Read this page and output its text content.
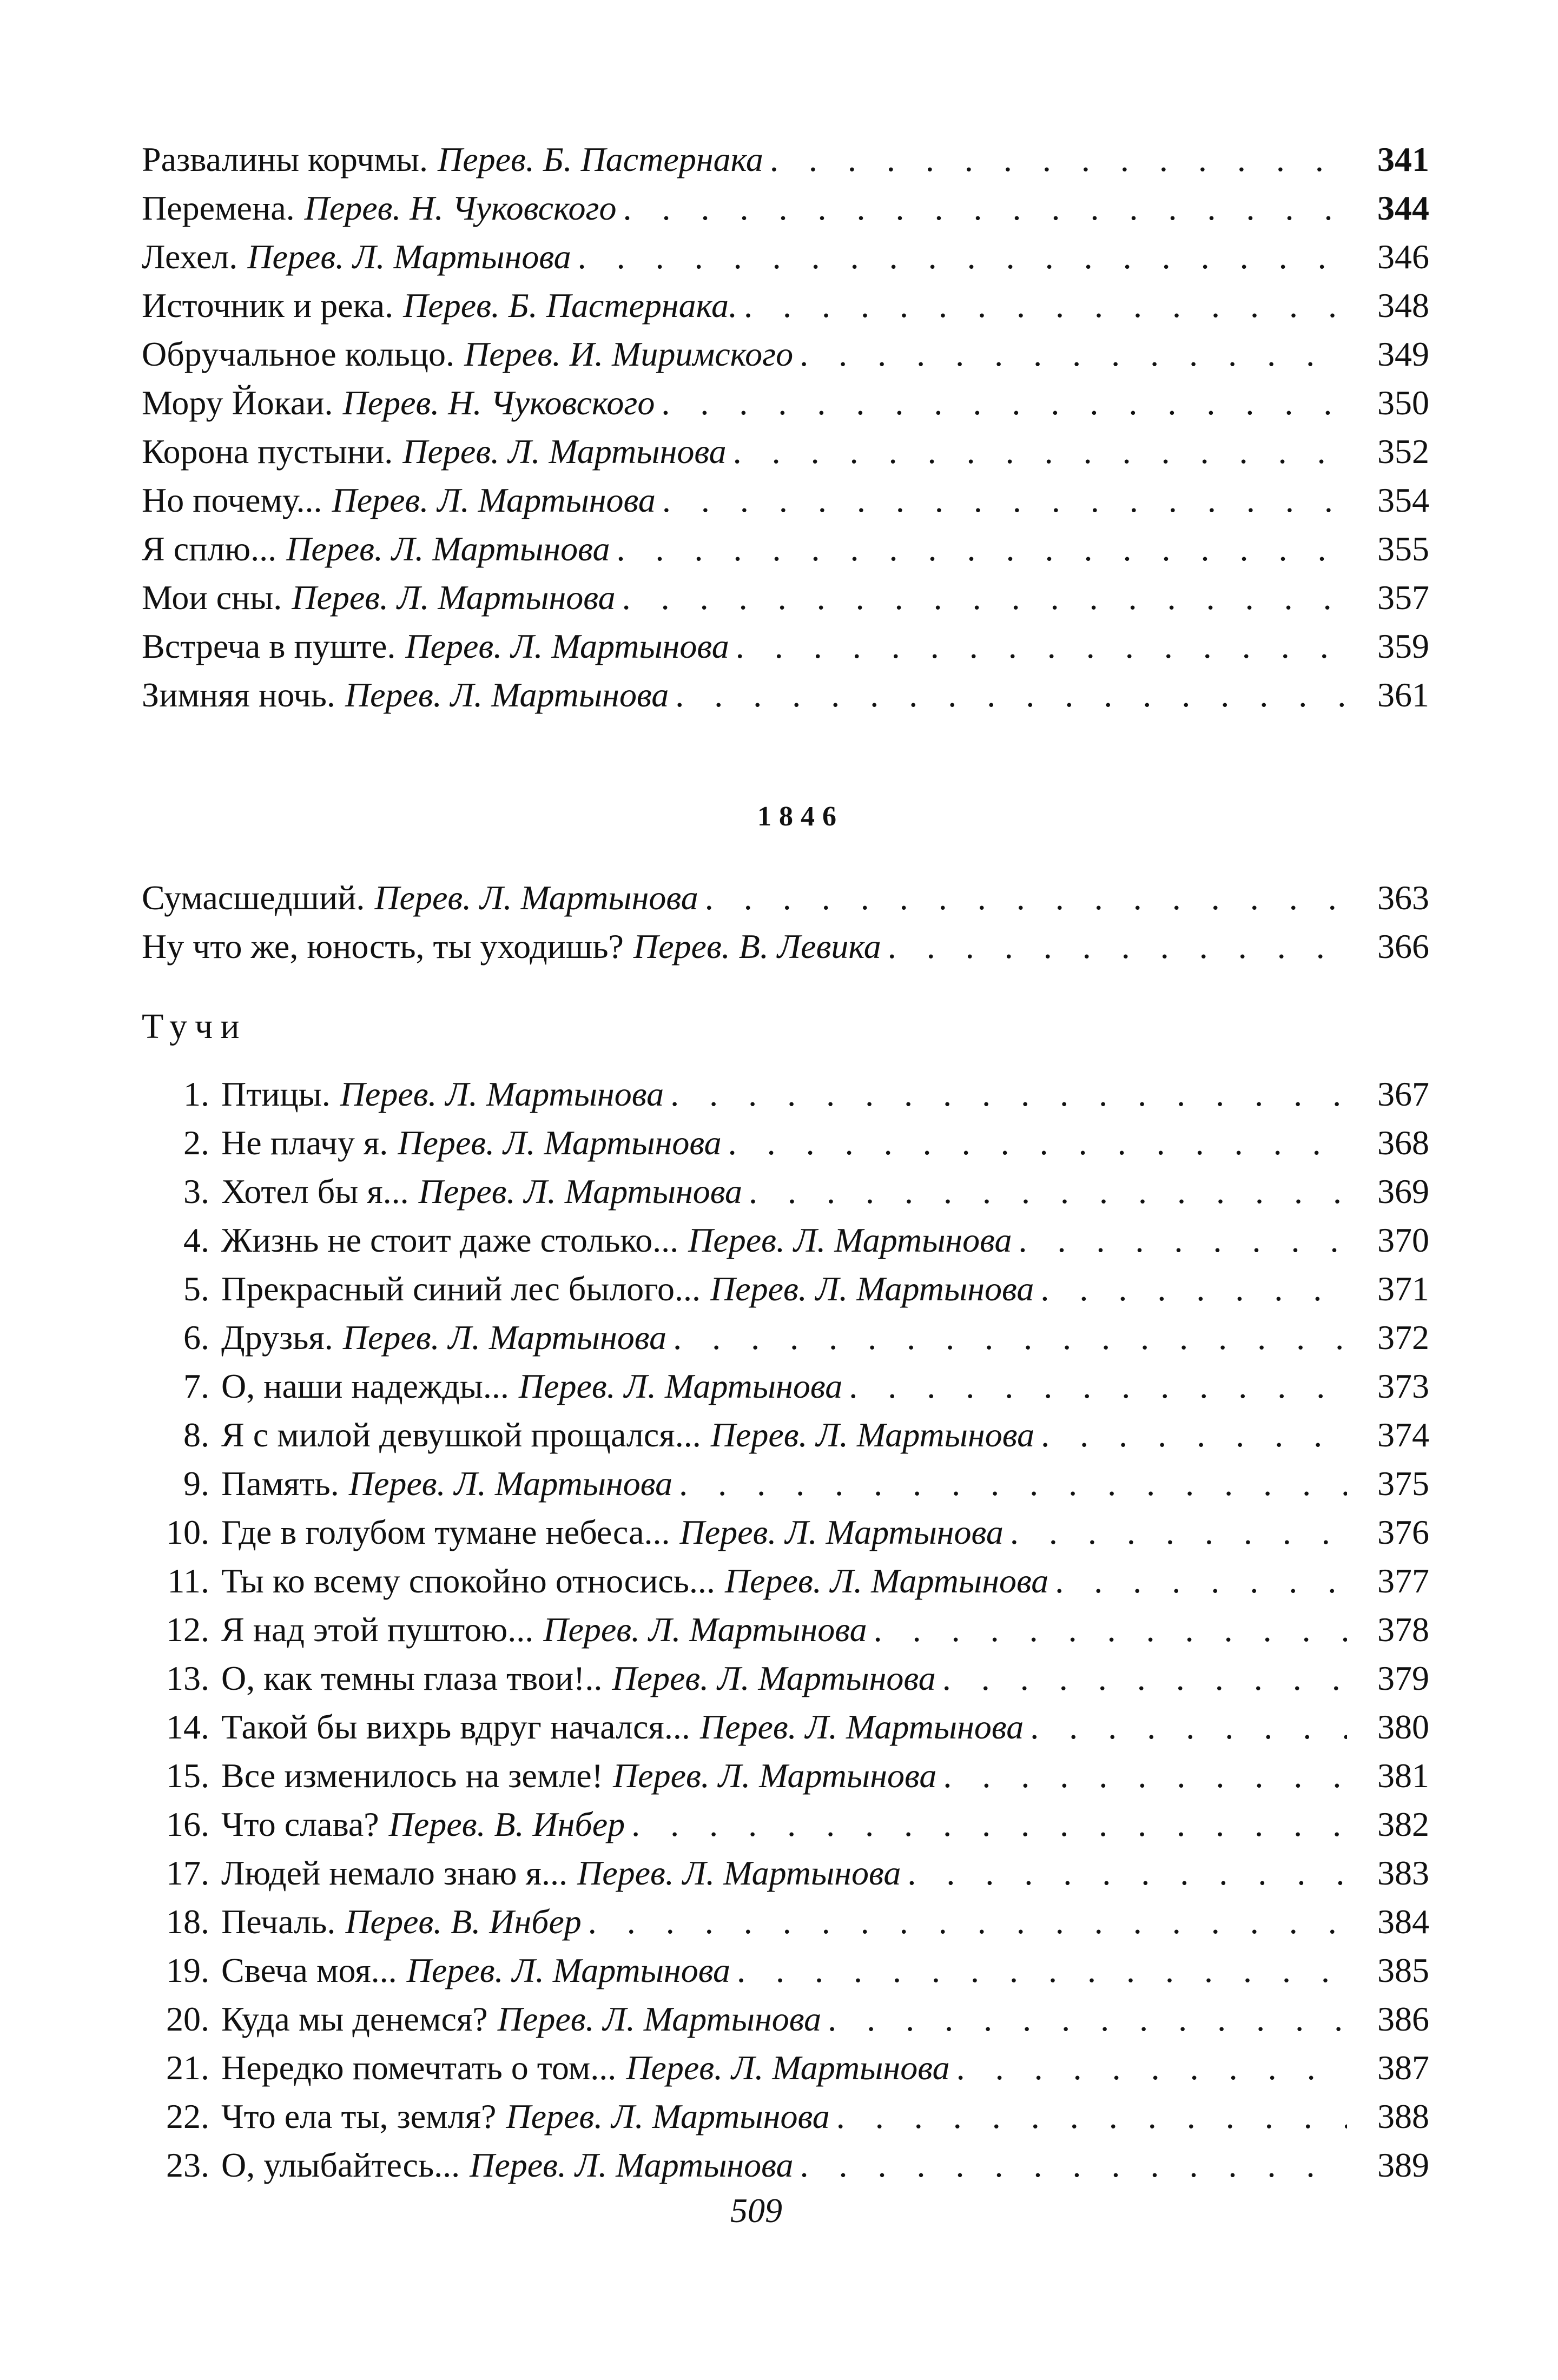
Развалины корчмы. Перев. Б. Пастернака . . .	341
Перемена. Перев. Н. Чуковского . . .	344
Лехел. Перев. Л. Мартынова . . .	346
Источник и река. Перев. Б. Пастернака. . . .	348
Обручальное кольцо. Перев. И. Миримского . . .	349
Мору Йокаи. Перев. Н. Чуковского . . .	350
Корона пустыни. Перев. Л. Мартынова . . .	352
Но почему... Перев. Л. Мартынова . . .	354
Я сплю... Перев. Л. Мартынова . . .	355
Мои сны. Перев. Л. Мартынова . . .	357
Встреча в пуште. Перев. Л. Мартынова . . .	359
Зимняя ночь. Перев. Л. Мартынова . . .	361
1846
Сумасшедший. Перев. Л. Мартынова . . .	363
Ну что же, юность, ты уходишь? Перев. В. Левика . . .	366
Тучи
1. Птицы. Перев. Л. Мартынова . . .	367
2. Не плачу я. Перев. Л. Мартынова . . .	368
3. Хотел бы я... Перев. Л. Мартынова . . .	369
4. Жизнь не стоит даже столько... Перев. Л. Мартынова . . .	370
5. Прекрасный синий лес былого... Перев. Л. Мартынова . . .	371
6. Друзья. Перев. Л. Мартынова . . .	372
7. О, наши надежды... Перев. Л. Мартынова . . .	373
8. Я с милой девушкой прощался... Перев. Л. Мартынова . . .	374
9. Память. Перев. Л. Мартынова . . .	375
10. Где в голубом тумане небеса... Перев. Л. Мартынова . . .	376
11. Ты ко всему спокойно относись... Перев. Л. Мартынова . . .	377
12. Я над этой пуштою... Перев. Л. Мартынова . . .	378
13. О, как темны глаза твои!.. Перев. Л. Мартынова . . .	379
14. Такой бы вихрь вдруг начался... Перев. Л. Мартынова . . .	380
15. Все изменилось на земле! Перев. Л. Мартынова . . .	381
16. Что слава? Перев. В. Инбер . . .	382
17. Людей немало знаю я... Перев. Л. Мартынова . . .	383
18. Печаль. Перев. В. Инбер . . .	384
19. Свеча моя... Перев. Л. Мартынова . . .	385
20. Куда мы денемся? Перев. Л. Мартынова . . .	386
21. Нередко помечтать о том... Перев. Л. Мартынова . . .	387
22. Что ела ты, земля? Перев. Л. Мартынова . . .	388
23. О, улыбайтесь... Перев. Л. Мартынова . . .	389
509
